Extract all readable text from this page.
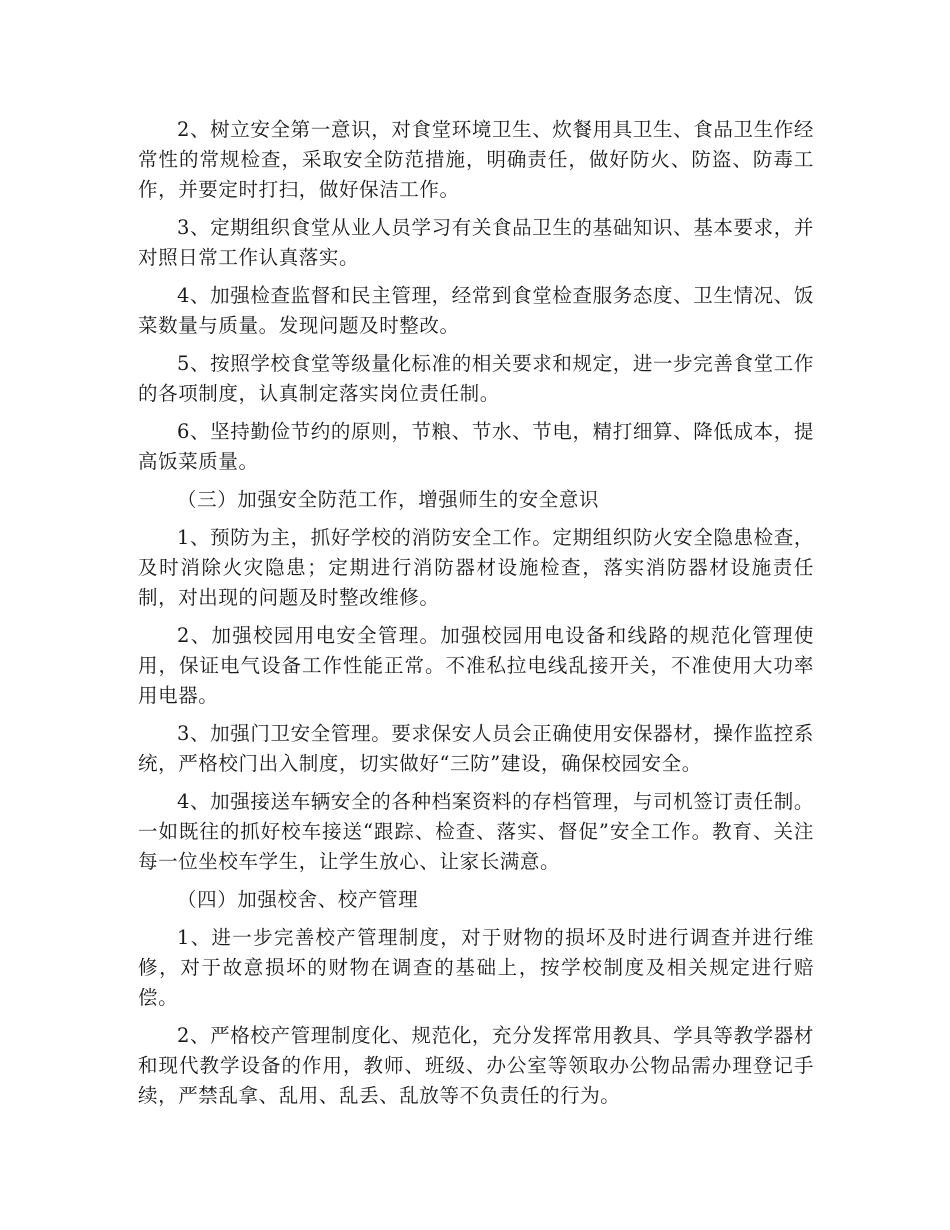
2、树立安全第一意识，对食堂环境卫生、炊餐用具卫生、食品卫生作经常性的常规检查，采取安全防范措施，明确责任，做好防火、防盗、防毒工作，并要定时打扫，做好保洁工作。

3、定期组织食堂从业人员学习有关食品卫生的基础知识、基本要求，并对照日常工作认真落实。

4、加强检查监督和民主管理，经常到食堂检查服务态度、卫生情况、饭菜数量与质量。发现问题及时整改。

5、按照学校食堂等级量化标准的相关要求和规定，进一步完善食堂工作的各项制度，认真制定落实岗位责任制。

6、坚持勤俭节约的原则，节粮、节水、节电，精打细算、降低成本，提高饭菜质量。

（三）加强安全防范工作，增强师生的安全意识

1、预防为主，抓好学校的消防安全工作。定期组织防火安全隐患检查，及时消除火灾隐患；定期进行消防器材设施检查，落实消防器材设施责任制，对出现的问题及时整改维修。

2、加强校园用电安全管理。加强校园用电设备和线路的规范化管理使用，保证电气设备工作性能正常。不准私拉电线乱接开关，不准使用大功率用电器。

3、加强门卫安全管理。要求保安人员会正确使用安保器材，操作监控系统，严格校门出入制度，切实做好“三防”建设，确保校园安全。

4、加强接送车辆安全的各种档案资料的存档管理，与司机签订责任制。一如既往的抓好校车接送“跟踪、检查、落实、督促”安全工作。教育、关注每一位坐校车学生，让学生放心、让家长满意。

（四）加强校舍、校产管理

1、进一步完善校产管理制度，对于财物的损坏及时进行调查并进行维修，对于故意损坏的财物在调查的基础上，按学校制度及相关规定进行赔偿。

2、严格校产管理制度化、规范化，充分发挥常用教具、学具等教学器材和现代教学设备的作用，教师、班级、办公室等领取办公物品需办理登记手续，严禁乱拿、乱用、乱丢、乱放等不负责任的行为。
